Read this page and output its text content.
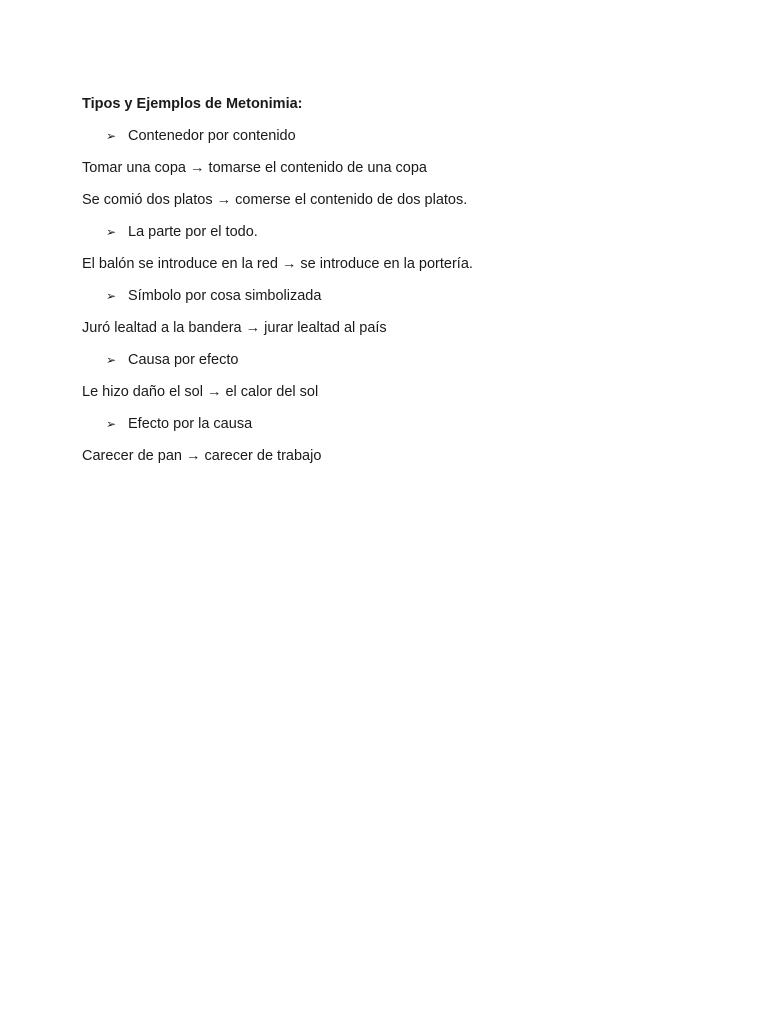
Tipos y Ejemplos de Metonimia:
➢ Contenedor por contenido
Tomar una copa → tomarse el contenido de una copa
Se comió dos platos → comerse el contenido de dos platos.
➢ La parte por el todo.
El balón se introduce en la red → se introduce en la portería.
➢ Símbolo por cosa simbolizada
Juró lealtad a la bandera → jurar lealtad al país
➢ Causa por efecto
Le hizo daño el sol → el calor del sol
➢ Efecto por la causa
Carecer de pan → carecer de trabajo
